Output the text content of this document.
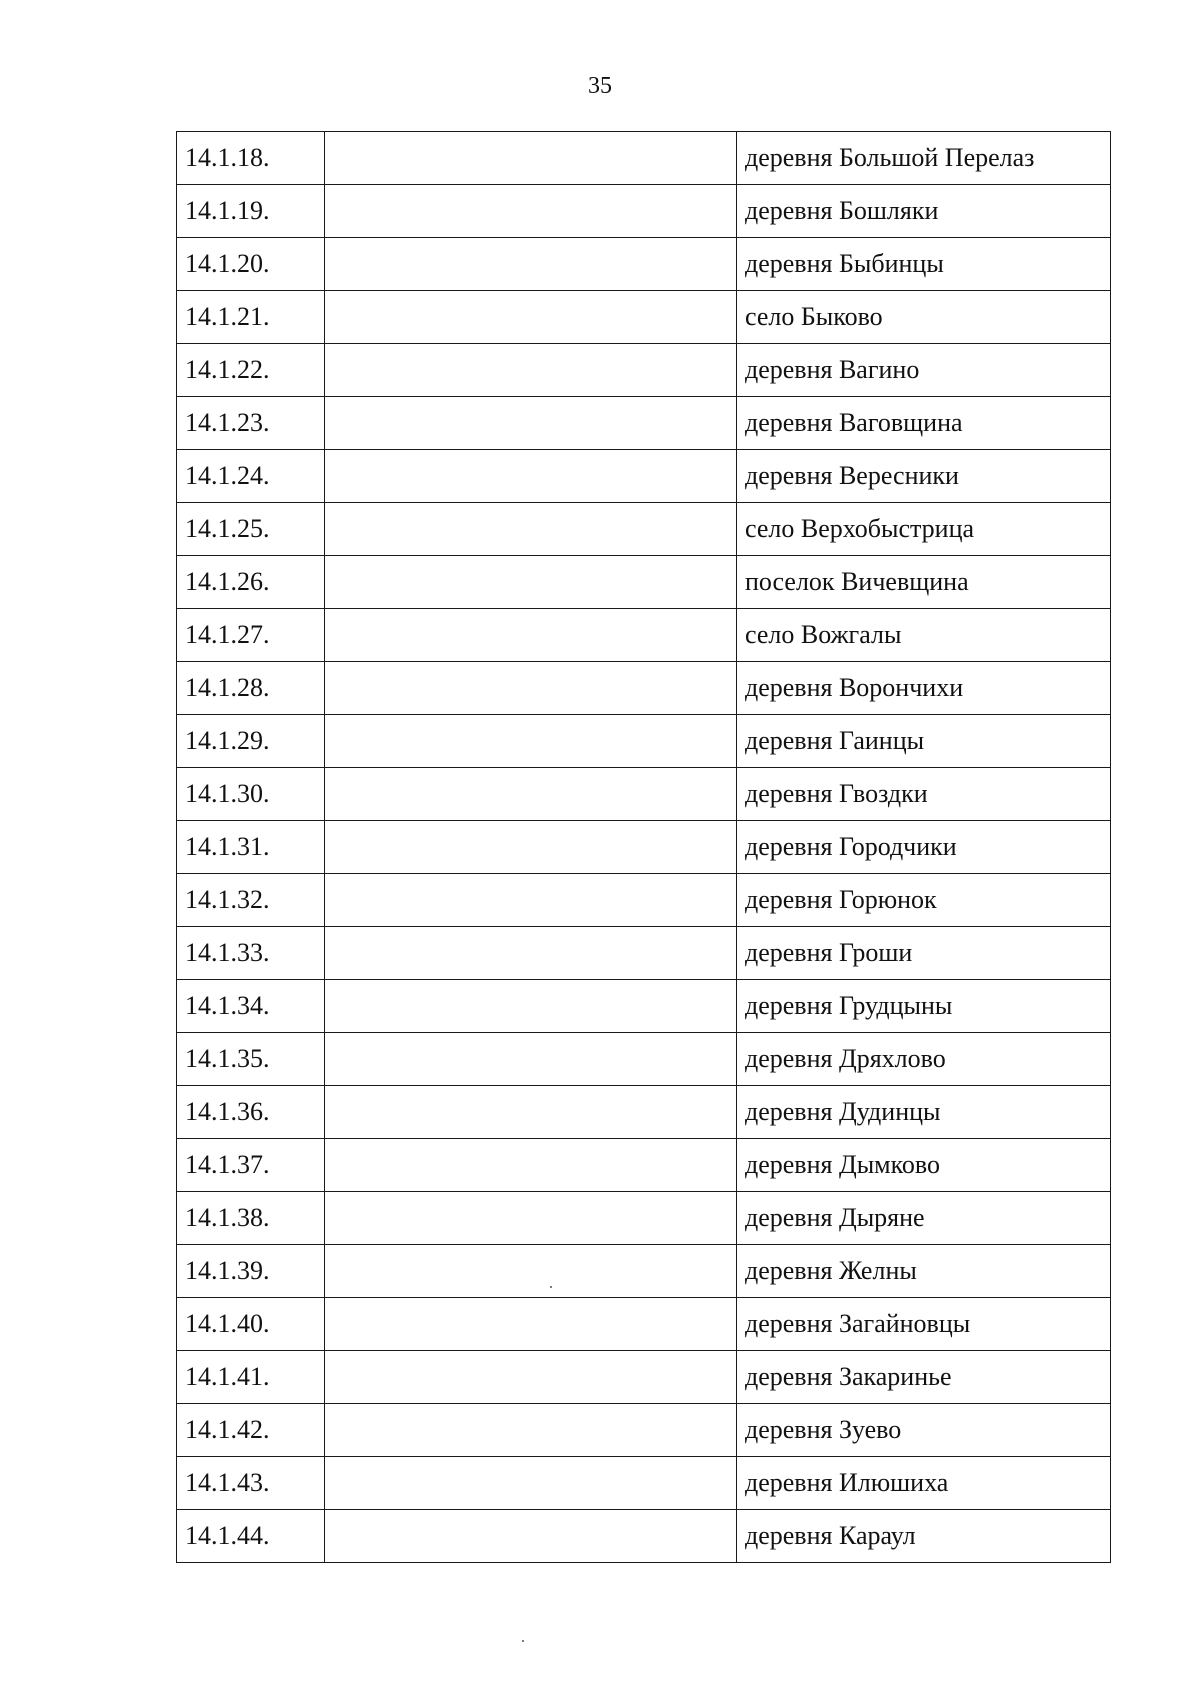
35
14.1.18.		деревня Большой Перелаз
14.1.19.		деревня Бошляки
14.1.20.		деревня Быбинцы
14.1.21.		село Быково
14.1.22.		деревня Вагино
14.1.23.		деревня Ваговщина
14.1.24.		деревня Вересники
14.1.25.		село Верхобыстрица
14.1.26.		поселок Вичевщина
14.1.27.		село Вожгалы
14.1.28.		деревня Ворончихи
14.1.29.		деревня Гаинцы
14.1.30.		деревня Гвоздки
14.1.31.		деревня Городчики
14.1.32.		деревня Горюнок
14.1.33.		деревня Гроши
14.1.34.		деревня Грудцыны
14.1.35.		деревня Дряхлово
14.1.36.		деревня Дудинцы
14.1.37.		деревня Дымково
14.1.38.		деревня Дыряне
14.1.39.		деревня Желны
14.1.40.		деревня Загайновцы
14.1.41.		деревня Закаринье
14.1.42.		деревня Зуево
14.1.43.		деревня Илюшиха
14.1.44.		деревня Караул
